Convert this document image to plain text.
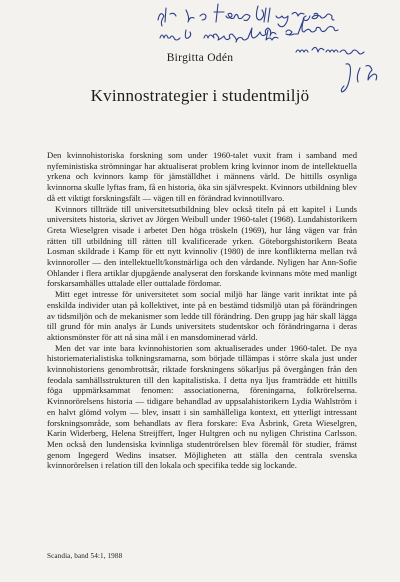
Birgitta Odén
Kvinnostrategier i studentmiljö

Den kvinnohistoriska forskning som under 1960-talet vuxit fram i samband med nyfeministiska strömningar har aktualiserat problem kring kvinnor inom de intellektuella yrkena och kvinnors kamp för jämställdhet i männens värld. De hittills osynliga kvinnorna skulle lyftas fram, få en historia, öka sin självrespekt. Kvinnors utbildning blev då ett viktigt forskningsfält — vägen till en förändrad kvinnotillvaro.

Kvinnors tillträde till universitetsutbildning blev också titeln på ett kapitel i Lunds universitets historia, skrivet av Jörgen Weibull under 1960-talet (1968). Lundahistorikern Greta Wieselgren visade i arbetet Den höga tröskeln (1969), hur lång vägen var från rätten till utbildning till rätten till kvalificerade yrken. Göteborgshistorikern Beata Losman skildrade i Kamp för ett nytt kvinnoliv (1980) de inre konflikterna mellan två kvinnoroller — den intellektuellt/konstnärliga och den vårdande. Nyligen har Ann-Sofie Ohlander i flera artiklar djupgående analyserat den forskande kvinnans möte med manligt forskarsamhälles uttalade eller outtalade fördomar.

Mitt eget intresse för universitetet som social miljö har länge varit inriktat inte på enskilda individer utan på kollektivet, inte på en bestämd tidsmiljö utan på förändringen av tidsmiljön och de mekanismer som ledde till förändring. Den grupp jag här skall lägga till grund för min analys är Lunds universitets studentskor och förändringarna i deras aktionsmönster för att nå sina mål i en mansdominerad värld.

Men det var inte bara kvinnohistorien som aktualiserades under 1960-talet. De nya historiematerialistiska tolkningsramarna, som började tillämpas i större skala just under kvinnohistoriens genombrottsår, riktade forskningens sökarljus på övergången från den feodala samhällsstrukturen till den kapitalistiska. I detta nya ljus framträdde ett hittills föga uppmärksammat fenomen: associationerna, föreningarna, folkrörelserna. Kvinnorörelsens historia — tidigare behandlad av uppsalahistorikern Lydia Wahlström i en halvt glömd volym — blev, insatt i sin samhälleliga kontext, ett ytterligt intressant forskningsområde, som behandlats av flera forskare: Eva Åsbrink, Greta Wieselgren, Karin Widerberg, Helena Streijffert, Inger Hultgren och nu nyligen Christina Carlsson. Men också den lundensiska kvinnliga studentrörelsen blev föremål för studier, främst genom Ingegerd Wedins insatser. Möjligheten att ställa den centrala svenska kvinnorörelsen i relation till den lokala och specifika tedde sig lockande.

Scandia, band 54:1, 1988
